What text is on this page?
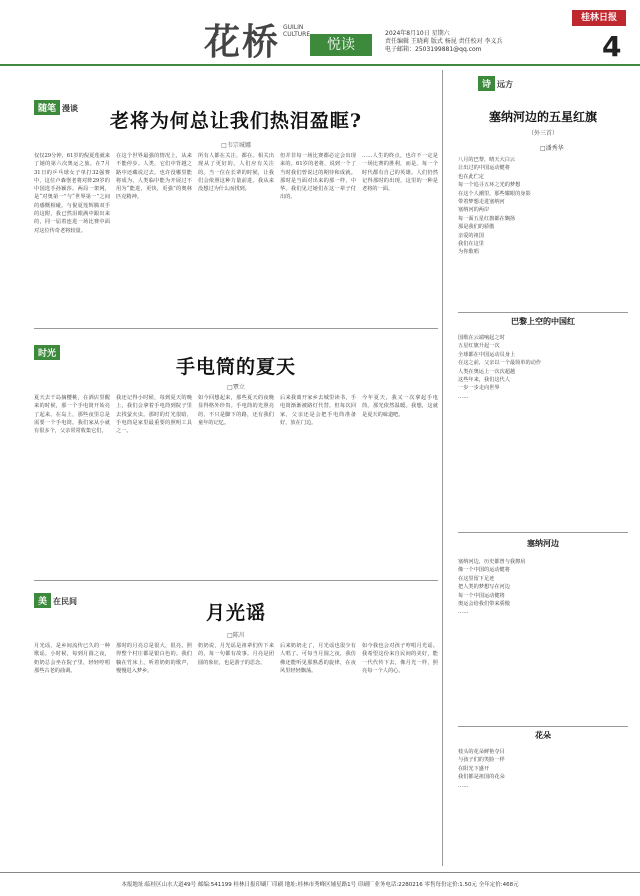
花桥 GUILIN CULTURE
悦读
2024年8月10日 星期六
责任编辑 王晓莉 版式 杨昆 责任校对 李义兵
电子邮箱：2503199881@qq.com
桂林日报
4
随笔 漫谈
老将为何总让我们热泪盈眶?
□韦宗城娜
仅仅29分钟，61岁的倪夏莲就来了她的第六次奥运之旅。在7月31日的乒乓球女子单打32强赛中，这位卢森堡老将对阵29岁的中国选手孙颖莎。两局一架网，是“对奥第一”与“世界第一”之间的感慨相碰。与倪夏莲辉腾双手的这附，我已然泪眼满中跟出来的，同一届着连进一场比赛中面对这位传奇老将较量。
在这个世界最强的情况上，从来不能停步。人类，它们中背越之路中还藏说过去。也许没哪里能将成为。人类临中能为开展过不用为“能进，更快，更强”的奥林匹克精神。
所有人都在关注，都在。相关出现从了更好的。人们应有关注的。当一位在长辈的时候，让我们会依照这种力量前进。我从来没想过为什么而找到。
但并非每一场比赛都必定会出现来的。61岁的老将，说到一个了当时我们曾说过的期待和成就。那时是当面对出来的那一样，中华。我们见过她们在这一辈子付出的。
……人生的终点，也许不一定是一场比赛的胜利，而是。每一个时代都有自己的英雄。人们仍然记得那时的出现，这里的一种是老将的一面。
时光
手电筒的夏天
□覃立
夏天去干岛摘樱桃，在酒店里醒来的时候，那一个手电筒开始亮了起来。在岛上，那些夜里总是需要一个手电筒。我们家从小就有很多个，父亲常常收集它们。
我还记得小时候，每到夏天的晚上，我们会拿着手电筒到院子里去找萤火虫。那时的灯光很暗，手电筒是家里最重要的照明工具之一。
如今回想起来，那些夏天的夜晚显得格外珍贵。手电筒的光照亮的，不只是脚下的路，还有我们童年的记忆。
后来我离开家乡去城里读书，手电筒渐渐被路灯代替。但每次回家，父亲还是会把手电筒准备好，放在门边。
今年夏天，我又一次拿起手电筒。那光依然温暖。我想，这就是夏天的味道吧。
美 在民间
月光谣
□陈川
月光谣，是乡间流传已久的一种歌谣。小时候，每到月圆之夜，奶奶总会坐在院子里，轻轻哼唱那些古老的曲调。
那时的月亮总是很大，很亮，照得整个村庄都是银白色的。我们躺在竹床上，听着奶奶的歌声，慢慢进入梦乡。
奶奶说，月光谣是祖辈们传下来的，每一句都有故事。月亮是团圆的象征，也是游子的思念。
后来奶奶走了，月光谣也很少有人唱了。可每当月圆之夜，我仿佛还能听见那熟悉的旋律，在夜风里轻轻飘荡。
如今我也会对孩子哼唱月光谣。我希望这份来自民间的美好，能一代代传下去，像月光一样，照亮每一个人的心。
诗 远方
塞纳河边的五星红旗
（外三首）
□潘秀华
八月的巴黎，晴天大白云
让出过的中国运动健将
也在此伫定
每一个追寻五环之光的梦想
在这个人潮里，那些耀眼的身影
带着梦想走进塞纳河
塞纳河的两岸
每一面五星红旗都在飘扬
那是我们的骄傲
亲爱的祖国
我们在这里
为你歌唱
巴黎上空的中国红
国歌在云端响起之时
五星红旗升起一次
全球都在中国运动员身上
在这之前，父亲以一个最简单的动作
人类在奥运上一次次超越
这些年来，我们这代人
一步一步走向世界
……
塞纳河边
塞纳河边，历史都曾与我擦肩
像一个中国的运动健将
在这里留下足迹
把人类的梦想写在河边
每一个中国运动健将
奥运会给我们带来骄傲
……
花朵
枝头的花朵鲜艳夺目
与孩子们的笑脸一样
在阳光下盛开
我们都是祖国的花朵
……
本报地址:临桂区山水大道49号 邮编:541199 桂林日报印刷厂印刷 地址:桂林市秀峰区辅星路1号 印刷厂业务电话:2280216 零售每份定价:1.50元 全年定价:468元
